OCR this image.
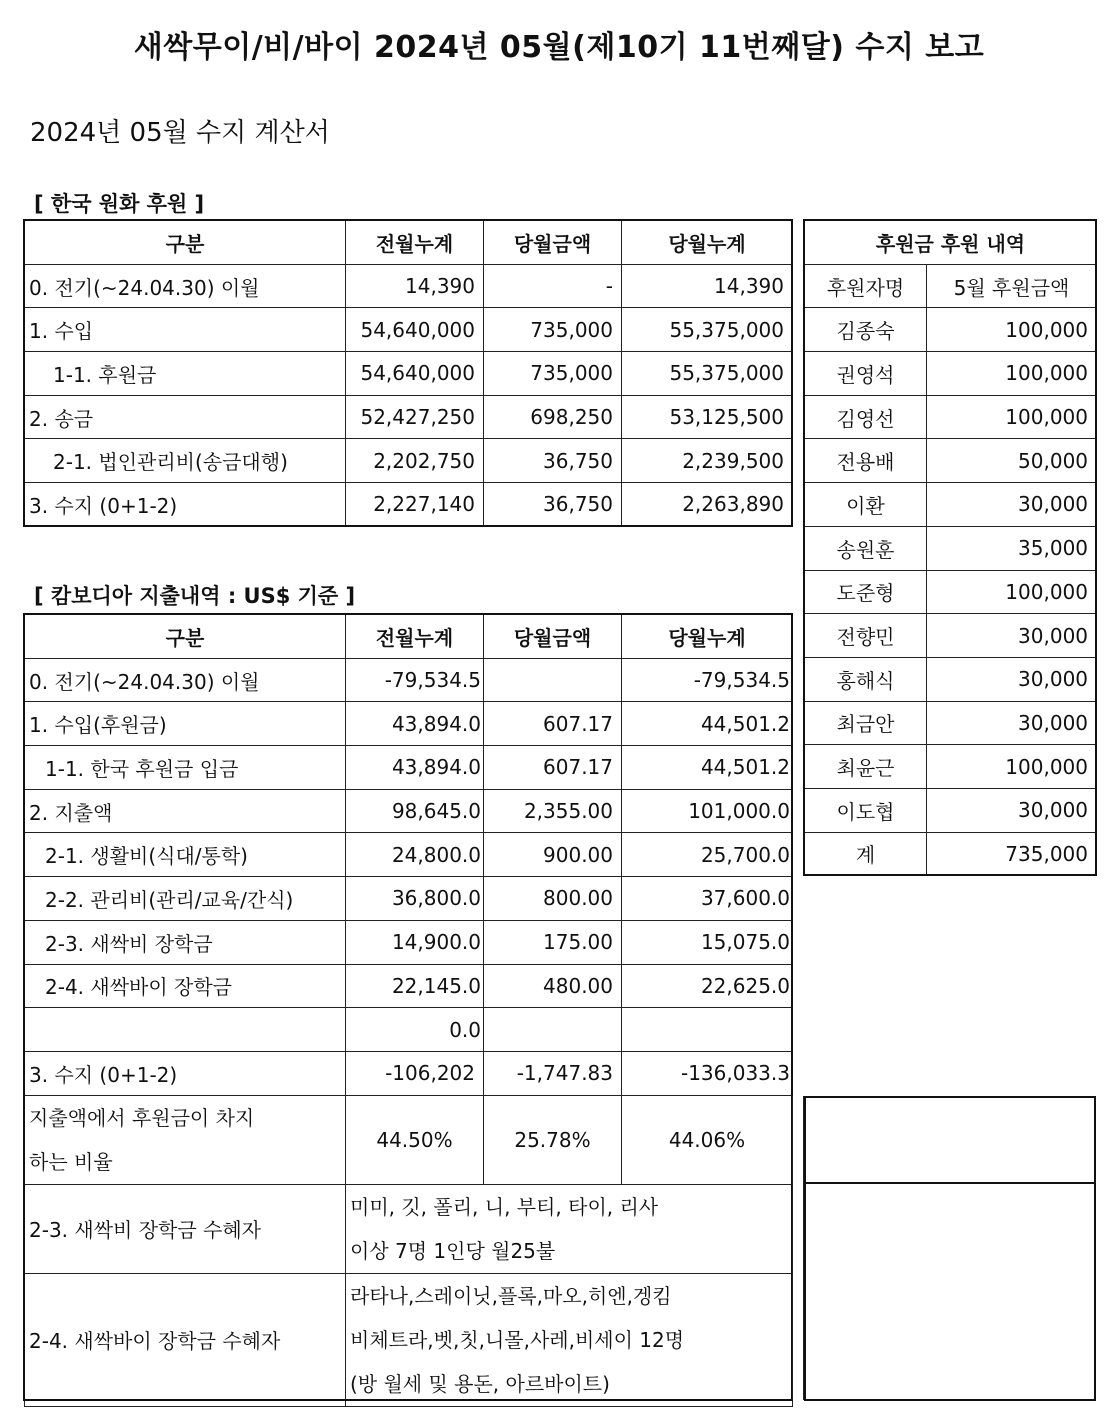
새싹무이/비/바이 2024년 05월(제10기 11번째달) 수지 보고
2024년 05월 수지 계산서
[ 한국 원화 후원 ]
구분	전월누계	당월금액	당월누계
0. 전기(~24.04.30) 이월	14,390	-	14,390
1. 수입	54,640,000	735,000	55,375,000
1-1. 후원금	54,640,000	735,000	55,375,000
2. 송금	52,427,250	698,250	53,125,500
2-1. 법인관리비(송금대행)	2,202,750	36,750	2,239,500
3. 수지 (0+1-2)	2,227,140	36,750	2,263,890
후원금 후원 내역	
후원자명	5월 후원금액
김종숙	100,000
권영석	100,000
김영선	100,000
전용배	50,000
이환	30,000
송원훈	35,000
도준형	100,000
전향민	30,000
홍해식	30,000
최금안	30,000
최윤근	100,000
이도협	30,000
계	735,000
[ 캄보디아 지출내역 : US$ 기준 ]
구분	전월누계	당월금액	당월누계
0. 전기(~24.04.30) 이월	-79,534.5		-79,534.5
1. 수입(후원금)	43,894.0	607.17	44,501.2
1-1. 한국 후원금 입금	43,894.0	607.17	44,501.2
2. 지출액	98,645.0	2,355.00	101,000.0
2-1. 생활비(식대/통학)	24,800.0	900.00	25,700.0
2-2. 관리비(관리/교육/간식)	36,800.0	800.00	37,600.0
2-3. 새싹비 장학금	14,900.0	175.00	15,075.0
2-4. 새싹바이 장학금	22,145.0	480.00	22,625.0
	0.0		
3. 수지 (0+1-2)	-106,202	-1,747.83	-136,033.3

지출액에서 후원금이 차지
하는 비율	44.50%	25.78%	44.06%
2-3. 새싹비 장학금 수혜자	미미, 깃, 폴리, 니, 부티, 타이, 리사
이상 7명 1인당 월25불		

2-4. 새싹바이 장학금 수혜자	라타나,스레이닛,플록,마오,히엔,겡킴
비체트라,벳,칫,니몰,사레,비세이 12명
(방 월세 및 용돈, 아르바이트)		
